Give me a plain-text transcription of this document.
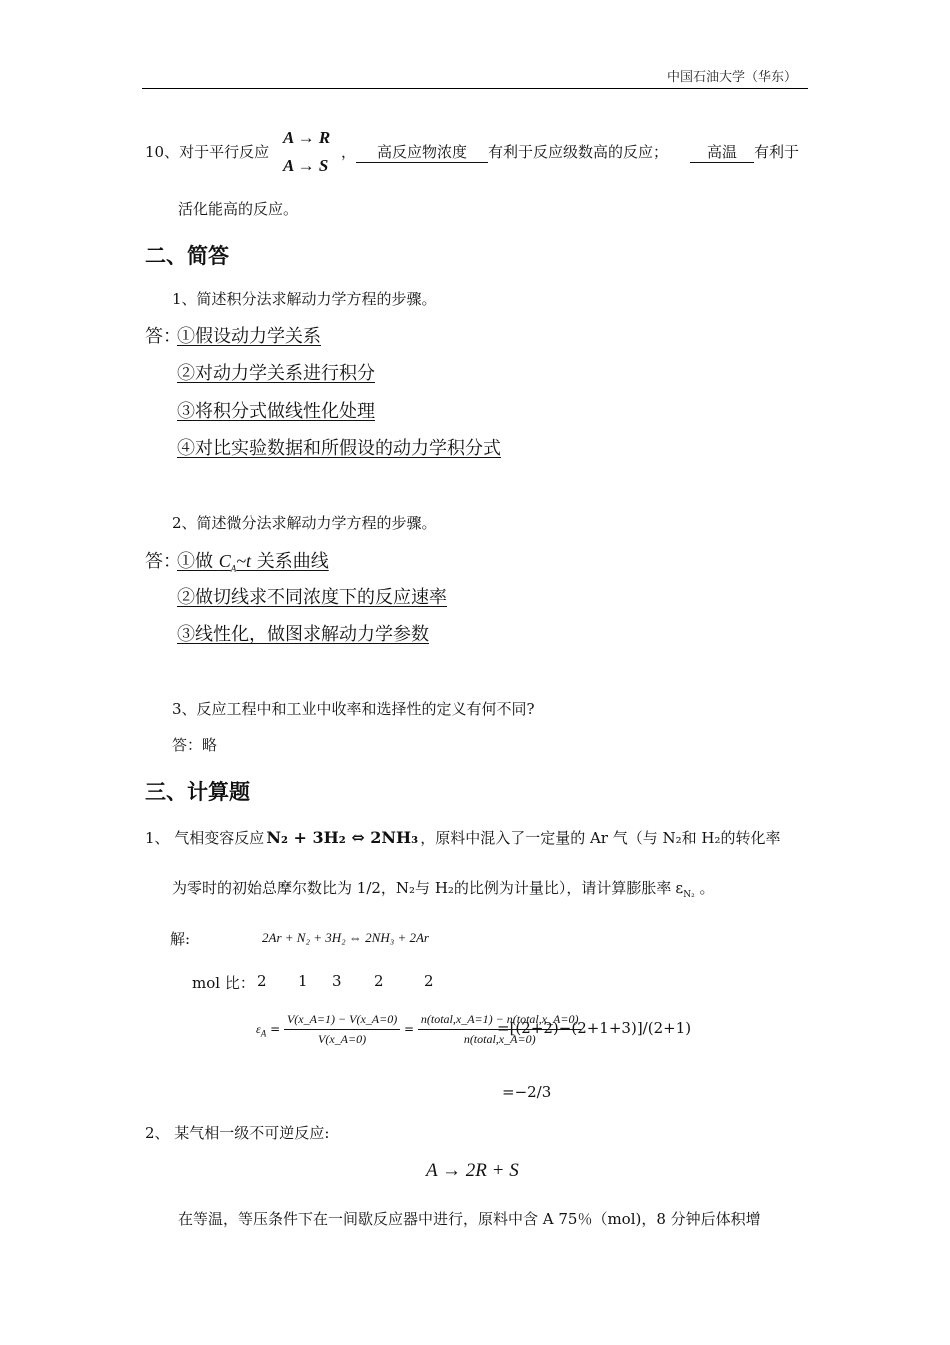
中国石油大学（华东）
10、对于平行反应
A → R
A → S
，	高反应物浓度 有利于反应级数高的反应；	高温 有利于
活化能高的反应。
二、简答
1、简述积分法求解动力学方程的步骤。
答：
①假设动力学关系
②对动力学关系进行积分
③将积分式做线性化处理
④对比实验数据和所假设的动力学积分式
2、简述微分法求解动力学方程的步骤。
答：
①做 $C_A\sim t$ 关系曲线
②做切线求不同浓度下的反应速率
③线性化，做图求解动力学参数
3、反应工程中和工业中收率和选择性的定义有何不同?
答：略
三、计算题
1、 气相变容反应 N₂ + 3H₂ ⇔ 2NH₃ ，原料中混入了一定量的 Ar 气（与 N₂和 H₂的转化率
为零时的初始总摩尔数比为 1/2，N₂与 H₂的比例为计量比），请计算膨胀率 $\varepsilon_{N_2}$ 。
解:	2Ar + N₂ + 3H₂ ⇔ 2NH₃ + 2Ar
mol 比： 2 1 3 2	2
$\varepsilon_A = \frac{V(x\_A=1) - V(x\_A=0)}{V(x\_A=0)} = \frac{\text{n(total,x\_A=1) − n(total,x\_A=0)}}{\text{n(total,x\_A=0)}}$
=[(2+2)−(2+1+3)]/(2+1)
=−2/3
2、 某气相一级不可逆反应:
A → 2R + S
在等温，等压条件下在一间歇反应器中进行，原料中含 A 75％（mol)，8 分钟后体积增
